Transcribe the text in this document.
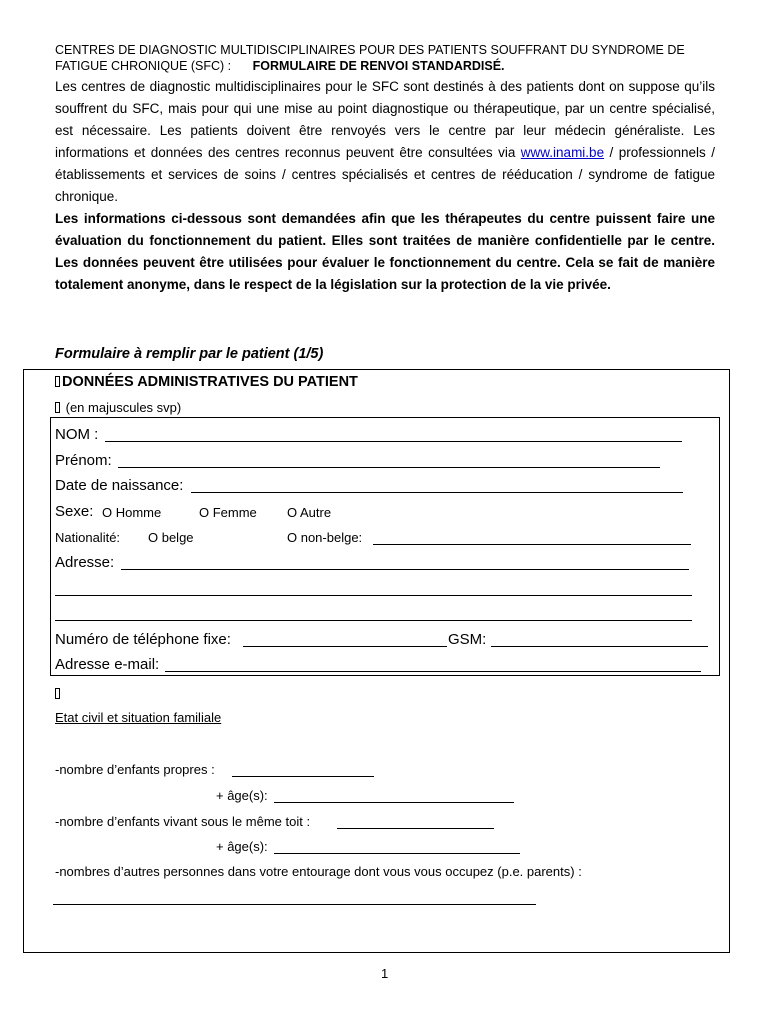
CENTRES DE DIAGNOSTIC MULTIDISCIPLINAIRES POUR DES PATIENTS SOUFFRANT DU SYNDROME DE
FATIGUE CHRONIQUE (SFC) : FORMULAIRE DE RENVOI STANDARDISÉ.
Les centres de diagnostic multidisciplinaires pour le SFC sont destinés à des patients dont on suppose qu’ils souffrent du SFC, mais pour qui une mise au point diagnostique ou thérapeutique, par un centre spécialisé, est nécessaire. Les patients doivent être renvoyés vers le centre par leur médecin généraliste. Les informations et données des centres reconnus peuvent être consultées via www.inami.be / professionnels / établissements et services de soins / centres spécialisés et centres de rééducation / syndrome de fatigue chronique.
Les informations ci-dessous sont demandées afin que les thérapeutes du centre puissent faire une évaluation du fonctionnement du patient. Elles sont traitées de manière confidentielle par le centre. Les données peuvent être utilisées pour évaluer le fonctionnement du centre. Cela se fait de manière totalement anonyme, dans le respect de la législation sur la protection de la vie privée.
Formulaire à remplir par le patient (1/5)
DONNÉES ADMINISTRATIVES DU PATIENT
(en majuscules svp)
NOM :
Prénom:
Date de naissance:
Sexe: O Homme	O Femme O Autre
Nationalité: O belge	O non-belge:
Adresse:
Numéro de téléphone fixe:	GSM:
Adresse e-mail:
Etat civil et situation familiale
-nombre d’enfants propres :
+ âge(s):
-nombre d’enfants vivant sous le même toit :
+ âge(s):
-nombres d’autres personnes dans votre entourage dont vous vous occupez (p.e. parents) :
1
